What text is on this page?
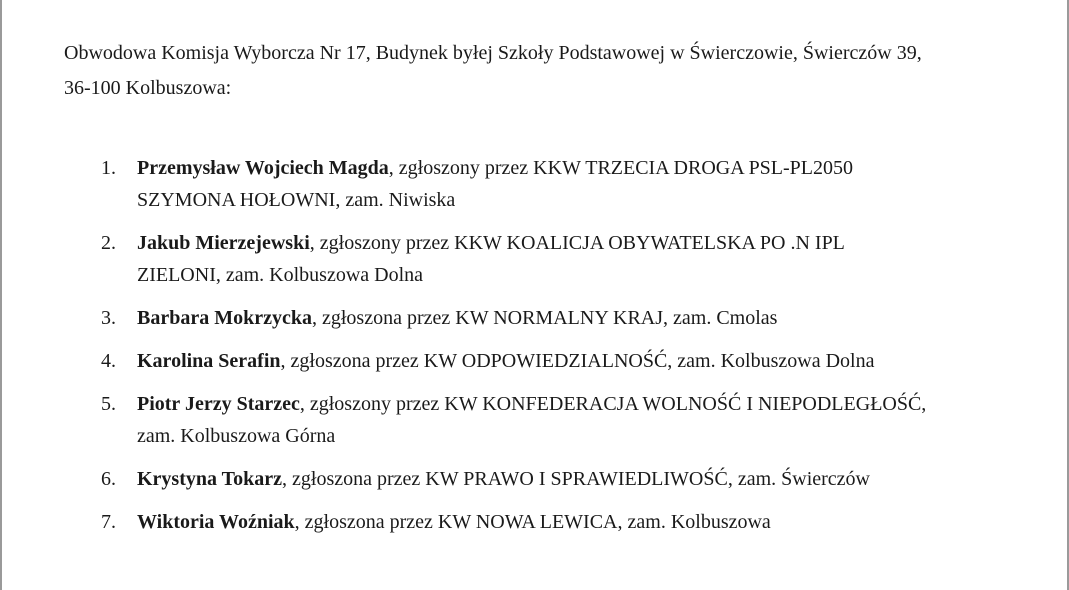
Obwodowa Komisja Wyborcza Nr 17, Budynek byłej Szkoły Podstawowej w Świerczowie, Świerczów 39,
36-100 Kolbuszowa:
1. Przemysław Wojciech Magda, zgłoszony przez KKW TRZECIA DROGA PSL-PL2050
SZYMONA HOŁOWNI, zam. Niwiska
2. Jakub Mierzejewski, zgłoszony przez KKW KOALICJA OBYWATELSKA PO .N IPL
ZIELONI, zam. Kolbuszowa Dolna
3. Barbara Mokrzycka, zgłoszona przez KW NORMALNY KRAJ, zam. Cmolas
4. Karolina Serafin, zgłoszona przez KW ODPOWIEDZIALNOŚĆ, zam. Kolbuszowa Dolna
5. Piotr Jerzy Starzec, zgłoszony przez KW KONFEDERACJA WOLNOŚĆ I NIEPODLEGŁOŚĆ,
zam. Kolbuszowa Górna
6. Krystyna Tokarz, zgłoszona przez KW PRAWO I SPRAWIEDLIWOŚĆ, zam. Świerczów
7. Wiktoria Woźniak, zgłoszona przez KW NOWA LEWICA, zam. Kolbuszowa
